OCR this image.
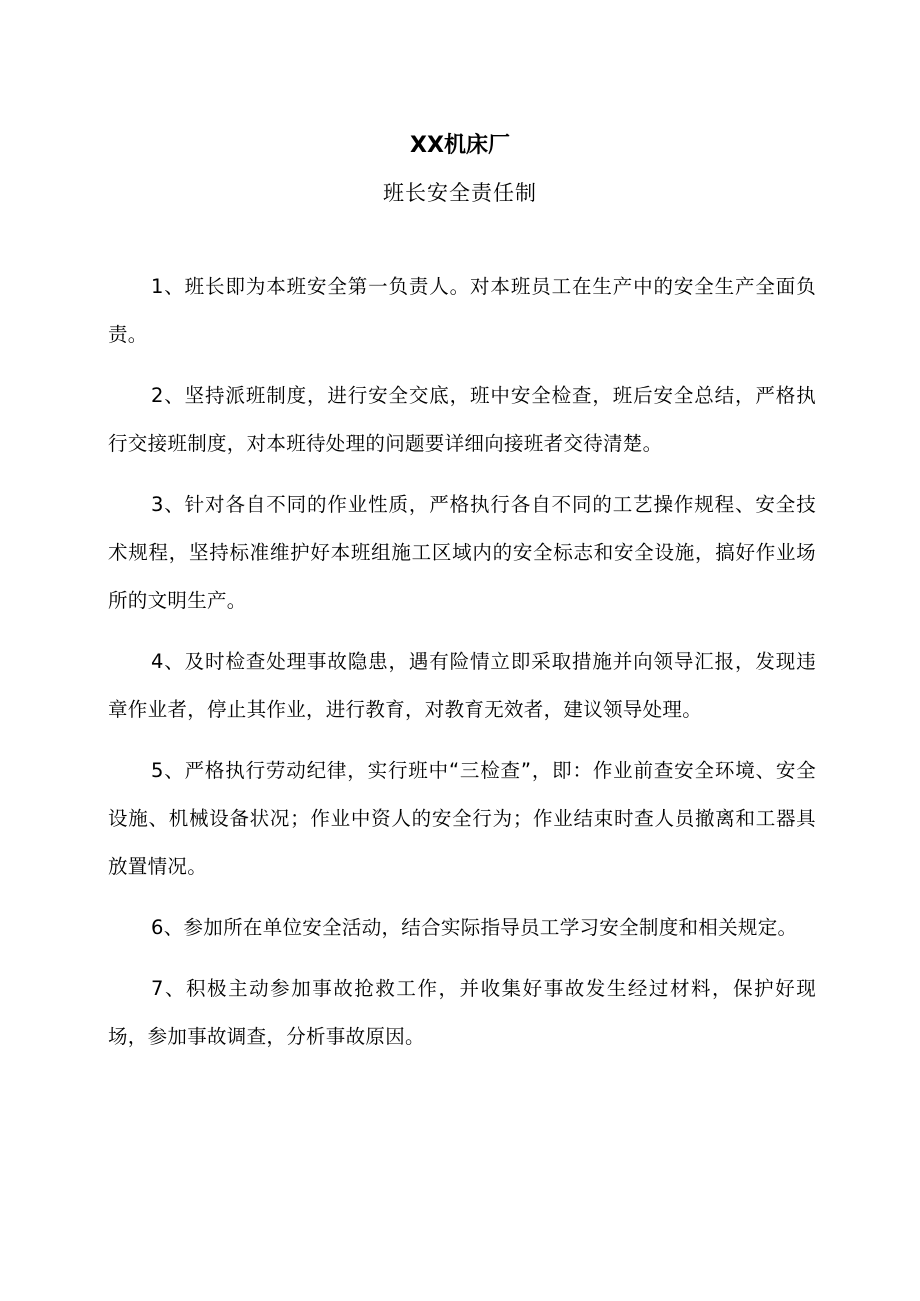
XX机床厂
班长安全责任制

1、班长即为本班安全第一负责人。对本班员工在生产中的安全生产全面负责。

2、坚持派班制度，进行安全交底，班中安全检查，班后安全总结，严格执行交接班制度，对本班待处理的问题要详细向接班者交待清楚。

3、针对各自不同的作业性质，严格执行各自不同的工艺操作规程、安全技术规程，坚持标准维护好本班组施工区域内的安全标志和安全设施，搞好作业场所的文明生产。

4、及时检查处理事故隐患，遇有险情立即采取措施并向领导汇报，发现违章作业者，停止其作业，进行教育，对教育无效者，建议领导处理。

5、严格执行劳动纪律，实行班中“三检查”，即：作业前查安全环境、安全设施、机械设备状况；作业中资人的安全行为；作业结束时查人员撤离和工器具放置情况。

6、参加所在单位安全活动，结合实际指导员工学习安全制度和相关规定。

7、积极主动参加事故抢救工作，并收集好事故发生经过材料，保护好现场，参加事故调查，分析事故原因。
